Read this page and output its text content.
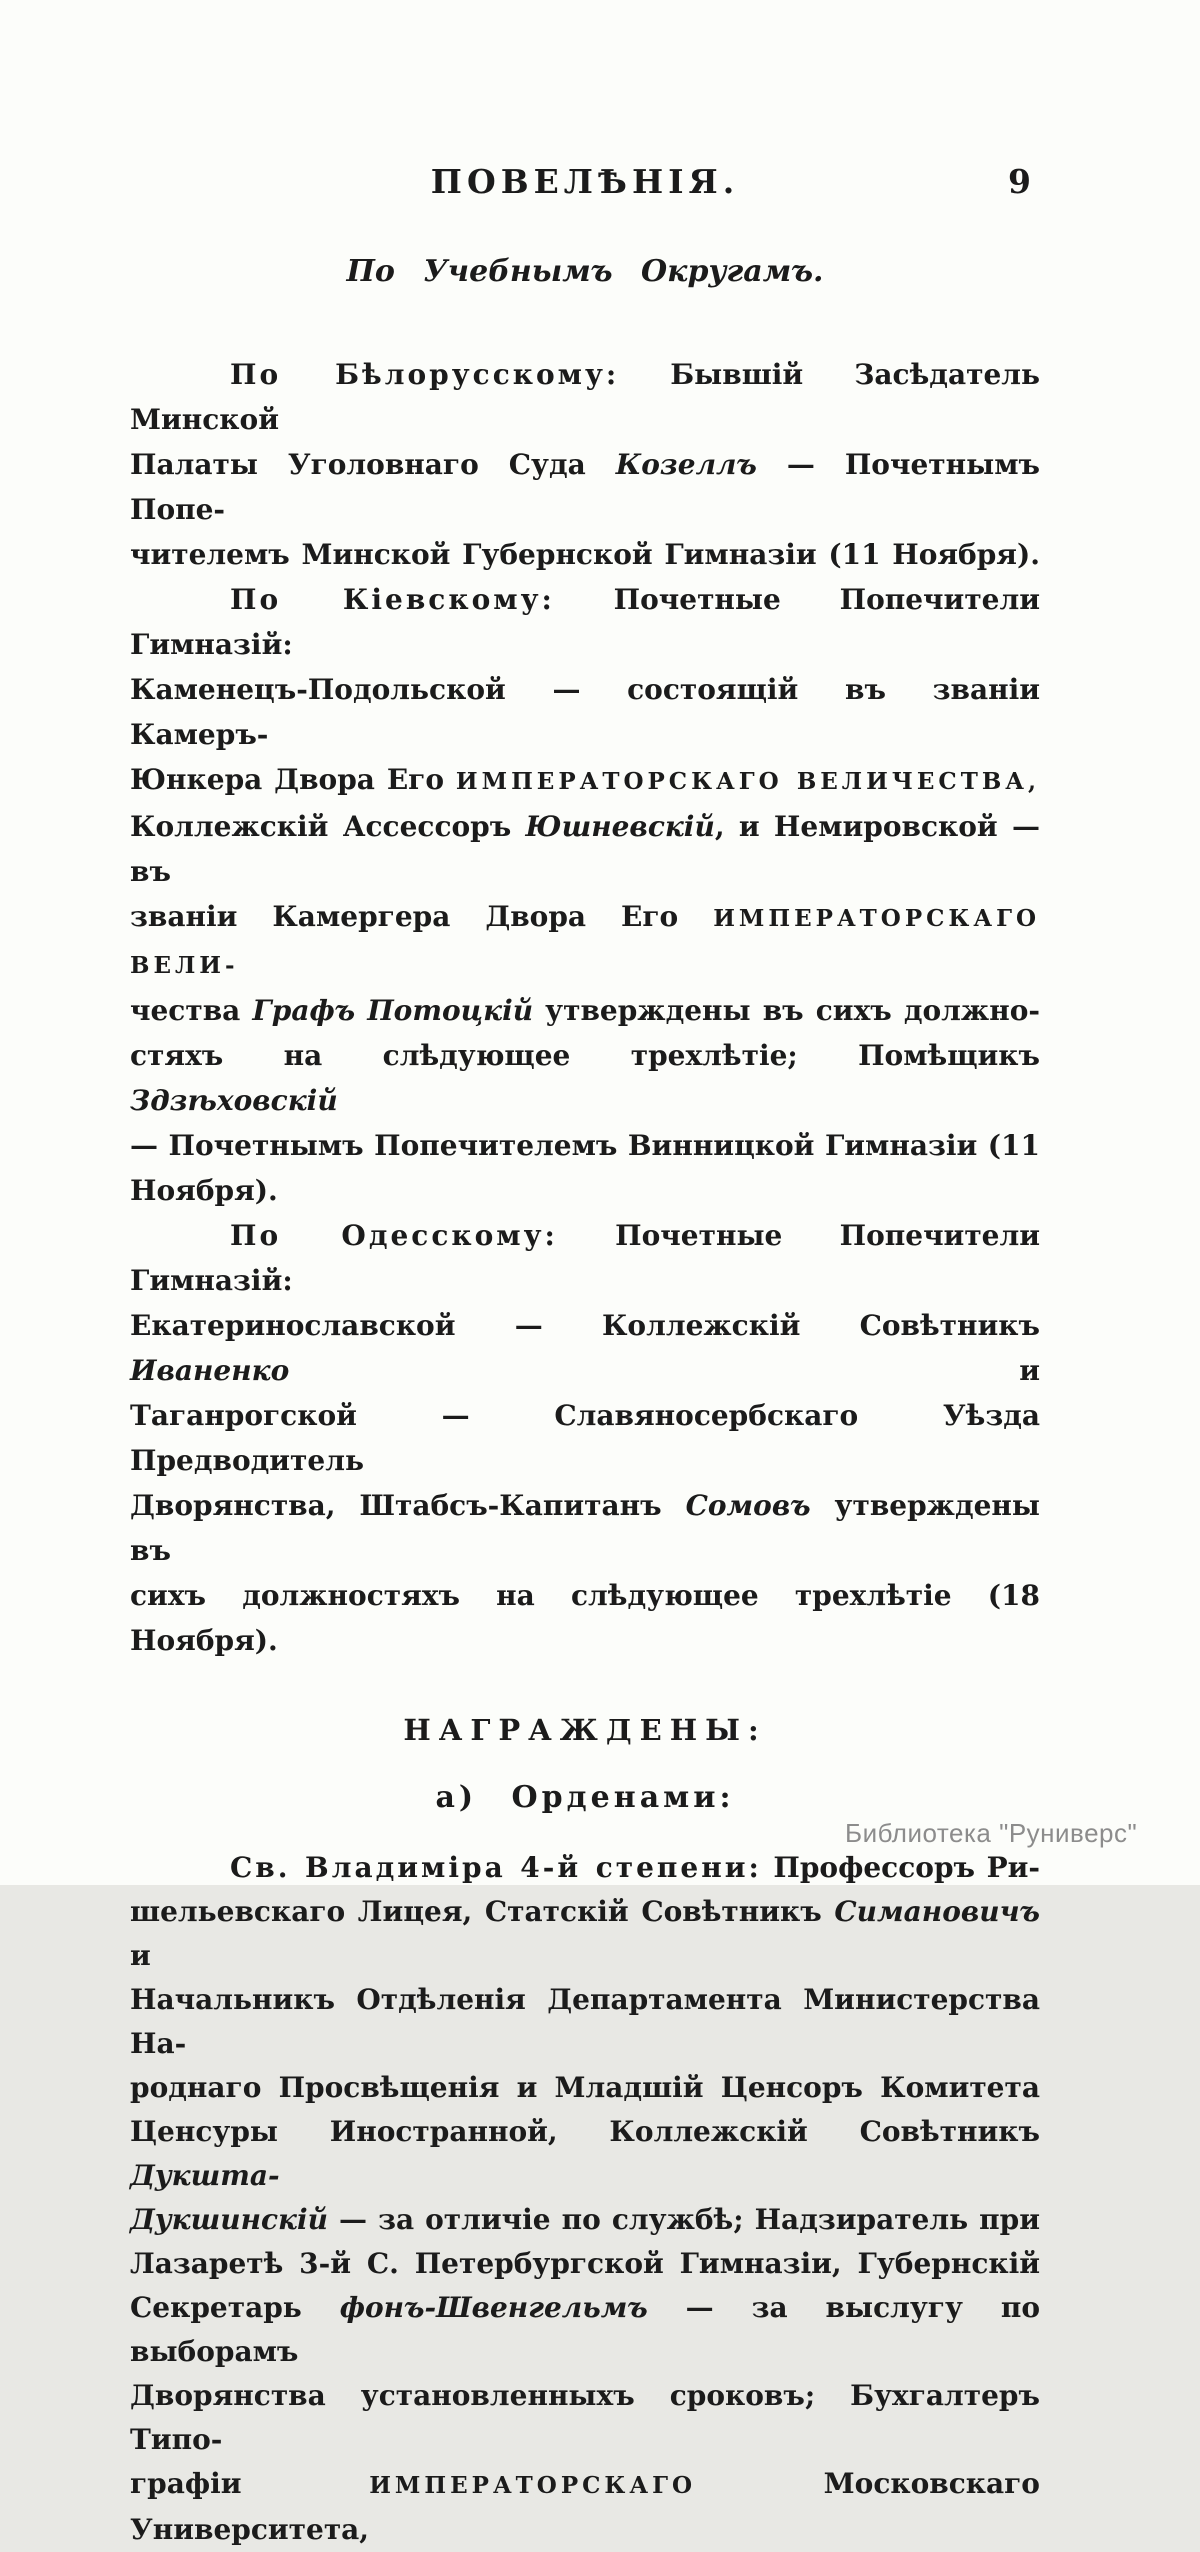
ПОВЕЛѢНІЯ.	9
По Учебнымъ Округамъ.
По Бѣлорусскому: Бывшій Засѣдатель Минской
Палаты Уголовнаго Суда Козеллъ — Почетнымъ Попе-
чителемъ Минской Губернской Гимназіи (11 Ноября).
По Кіевскому: Почетные Попечители Гимназій:
Каменецъ-Подольской — состоящій въ званіи Камеръ-
Юнкера Двора Его ИМПЕРАТОРСКАГО ВЕЛИЧЕСТВА,
Коллежскій Ассессоръ Юшневскій, и Немировской — въ
званіи Камергера Двора Его ИМПЕРАТОРСКАГО ВЕЛИ-
чества Графъ Потоцкій утверждены въ сихъ должно-
стяхъ на слѣдующее трехлѣтіе; Помѣщикъ Здзѣховскій
— Почетнымъ Попечителемъ Винницкой Гимназіи (11
Ноября).
По Одесскому: Почетные Попечители Гимназій:
Екатеринославской — Коллежскій Совѣтникъ Иваненко и
Таганрогской — Славяносербскаго Уѣзда Предводитель
Дворянства, Штабсъ-Капитанъ Сомовъ утверждены въ
сихъ должностяхъ на слѣдующее трехлѣтіе (18 Ноября).
НАГРАЖДЕНЫ:
а) Орденами:
Св. Владиміра 4-й степени: Профессоръ Ри-
шельевскаго Лицея, Статскій Совѣтникъ Симановичъ и
Начальникъ Отдѣленія Департамента Министерства На-
роднаго Просвѣщенія и Младшій Ценсоръ Комитета
Ценсуры Иностранной, Коллежскій Совѣтникъ Дукшта-
Дукшинскій — за отличіе по службѣ; Надзиратель при
Лазаретѣ 3-й С. Петербургской Гимназіи, Губернскій
Секретарь фонъ-Швенгельмъ — за выслугу по выборамъ
Дворянства установленныхъ сроковъ; Бухгалтеръ Типо-
графіи ИМПЕРАТОРСКАГО Московскаго Университета,
Библиотека "Руниверс"
